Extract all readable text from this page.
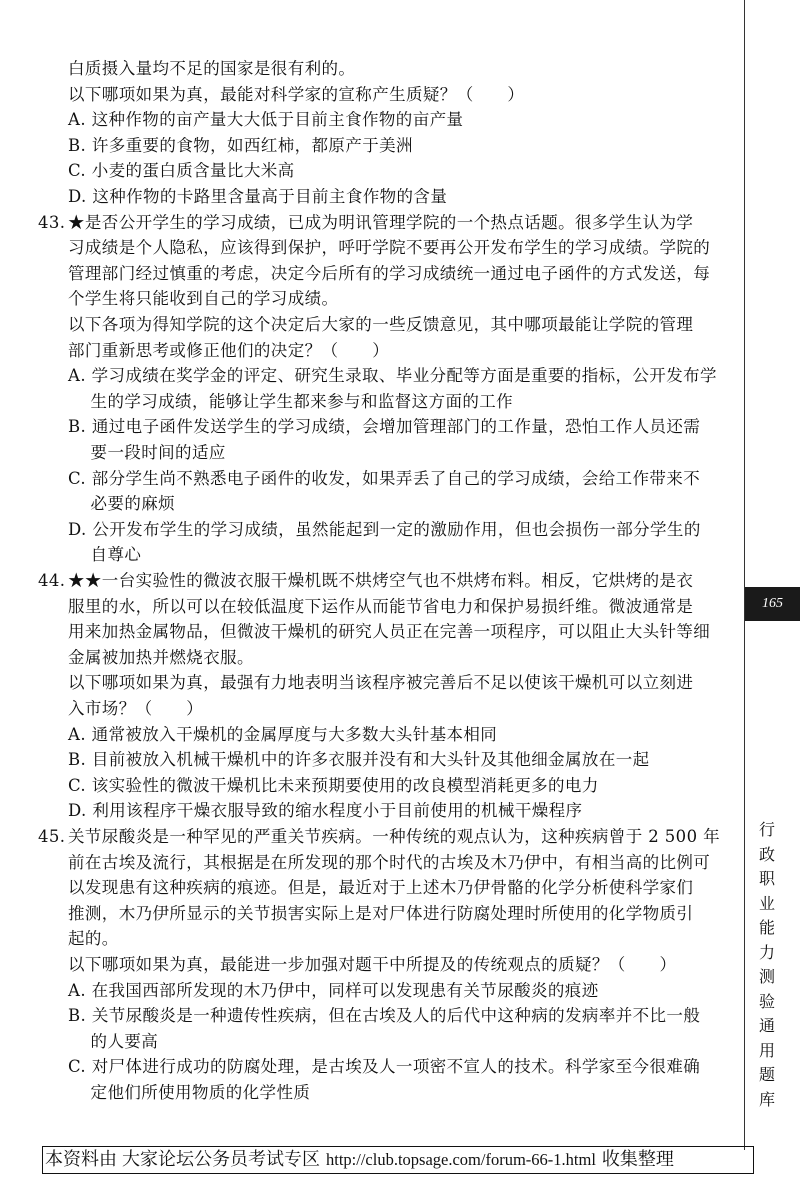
白质摄入量均不足的国家是很有利的。
以下哪项如果为真，最能对科学家的宣称产生质疑？（　　）
A. 这种作物的亩产量大大低于目前主食作物的亩产量
B. 许多重要的食物，如西红柿，都原产于美洲
C. 小麦的蛋白质含量比大米高
D. 这种作物的卡路里含量高于目前主食作物的含量
43. ★是否公开学生的学习成绩，已成为明讯管理学院的一个热点话题。很多学生认为学
习成绩是个人隐私，应该得到保护，呼吁学院不要再公开发布学生的学习成绩。学院的
管理部门经过慎重的考虑，决定今后所有的学习成绩统一通过电子函件的方式发送，每
个学生将只能收到自己的学习成绩。
以下各项为得知学院的这个决定后大家的一些反馈意见，其中哪项最能让学院的管理
部门重新思考或修正他们的决定？（　　）
A. 学习成绩在奖学金的评定、研究生录取、毕业分配等方面是重要的指标，公开发布学
　 生的学习成绩，能够让学生都来参与和监督这方面的工作
B. 通过电子函件发送学生的学习成绩，会增加管理部门的工作量，恐怕工作人员还需
　 要一段时间的适应
C. 部分学生尚不熟悉电子函件的收发，如果弄丢了自己的学习成绩，会给工作带来不
　 必要的麻烦
D. 公开发布学生的学习成绩，虽然能起到一定的激励作用，但也会损伤一部分学生的
　 自尊心
44. ★★一台实验性的微波衣服干燥机既不烘烤空气也不烘烤布料。相反，它烘烤的是衣
服里的水，所以可以在较低温度下运作从而能节省电力和保护易损纤维。微波通常是
用来加热金属物品，但微波干燥机的研究人员正在完善一项程序，可以阻止大头针等细
金属被加热并燃烧衣服。
以下哪项如果为真，最强有力地表明当该程序被完善后不足以使该干燥机可以立刻进
入市场？（　　）
A. 通常被放入干燥机的金属厚度与大多数大头针基本相同
B. 目前被放入机械干燥机中的许多衣服并没有和大头针及其他细金属放在一起
C. 该实验性的微波干燥机比未来预期要使用的改良模型消耗更多的电力
D. 利用该程序干燥衣服导致的缩水程度小于目前使用的机械干燥程序
45. 关节尿酸炎是一种罕见的严重关节疾病。一种传统的观点认为，这种疾病曾于 2 500 年
前在古埃及流行，其根据是在所发现的那个时代的古埃及木乃伊中，有相当高的比例可
以发现患有这种疾病的痕迹。但是，最近对于上述木乃伊骨骼的化学分析使科学家们
推测，木乃伊所显示的关节损害实际上是对尸体进行防腐处理时所使用的化学物质引
起的。
以下哪项如果为真，最能进一步加强对题干中所提及的传统观点的质疑？（　　）
A. 在我国西部所发现的木乃伊中，同样可以发现患有关节尿酸炎的痕迹
B. 关节尿酸炎是一种遗传性疾病，但在古埃及人的后代中这种病的发病率并不比一般
　 的人要高
C. 对尸体进行成功的防腐处理，是古埃及人一项密不宣人的技术。科学家至今很难确
　 定他们所使用物质的化学性质
165
行政职业能力测验通用题库
本资料由 大家论坛公务员考试专区 http://club.topsage.com/forum-66-1.html 收集整理
